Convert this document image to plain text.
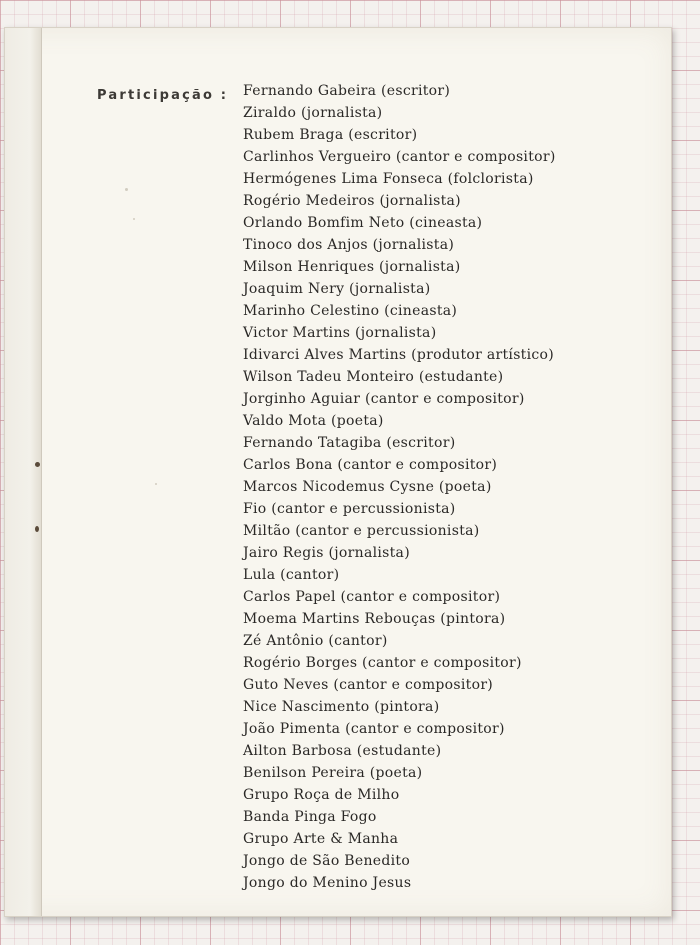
Participação : Fernando Gabeira (escritor)
Ziraldo (jornalista)
Rubem Braga (escritor)
Carlinhos Vergueiro (cantor e compositor)
Hermógenes Lima Fonseca (folclorista)
Rogério Medeiros (jornalista)
Orlando Bomfim Neto (cineasta)
Tinoco dos Anjos (jornalista)
Milson Henriques (jornalista)
Joaquim Nery (jornalista)
Marinho Celestino (cineasta)
Victor Martins (jornalista)
Idivarci Alves Martins (produtor artístico)
Wilson Tadeu Monteiro (estudante)
Jorginho Aguiar (cantor e compositor)
Valdo Mota (poeta)
Fernando Tatagiba (escritor)
Carlos Bona (cantor e compositor)
Marcos Nicodemus Cysne (poeta)
Fio (cantor e percussionista)
Miltão (cantor e percussionista)
Jairo Regis (jornalista)
Lula (cantor)
Carlos Papel (cantor e compositor)
Moema Martins Rebouças (pintora)
Zé Antônio (cantor)
Rogério Borges (cantor e compositor)
Guto Neves (cantor e compositor)
Nice Nascimento (pintora)
João Pimenta (cantor e compositor)
Ailton Barbosa (estudante)
Benilson Pereira (poeta)
Grupo Roça de Milho
Banda Pinga Fogo
Grupo Arte & Manha
Jongo de São Benedito
Jongo do Menino Jesus
